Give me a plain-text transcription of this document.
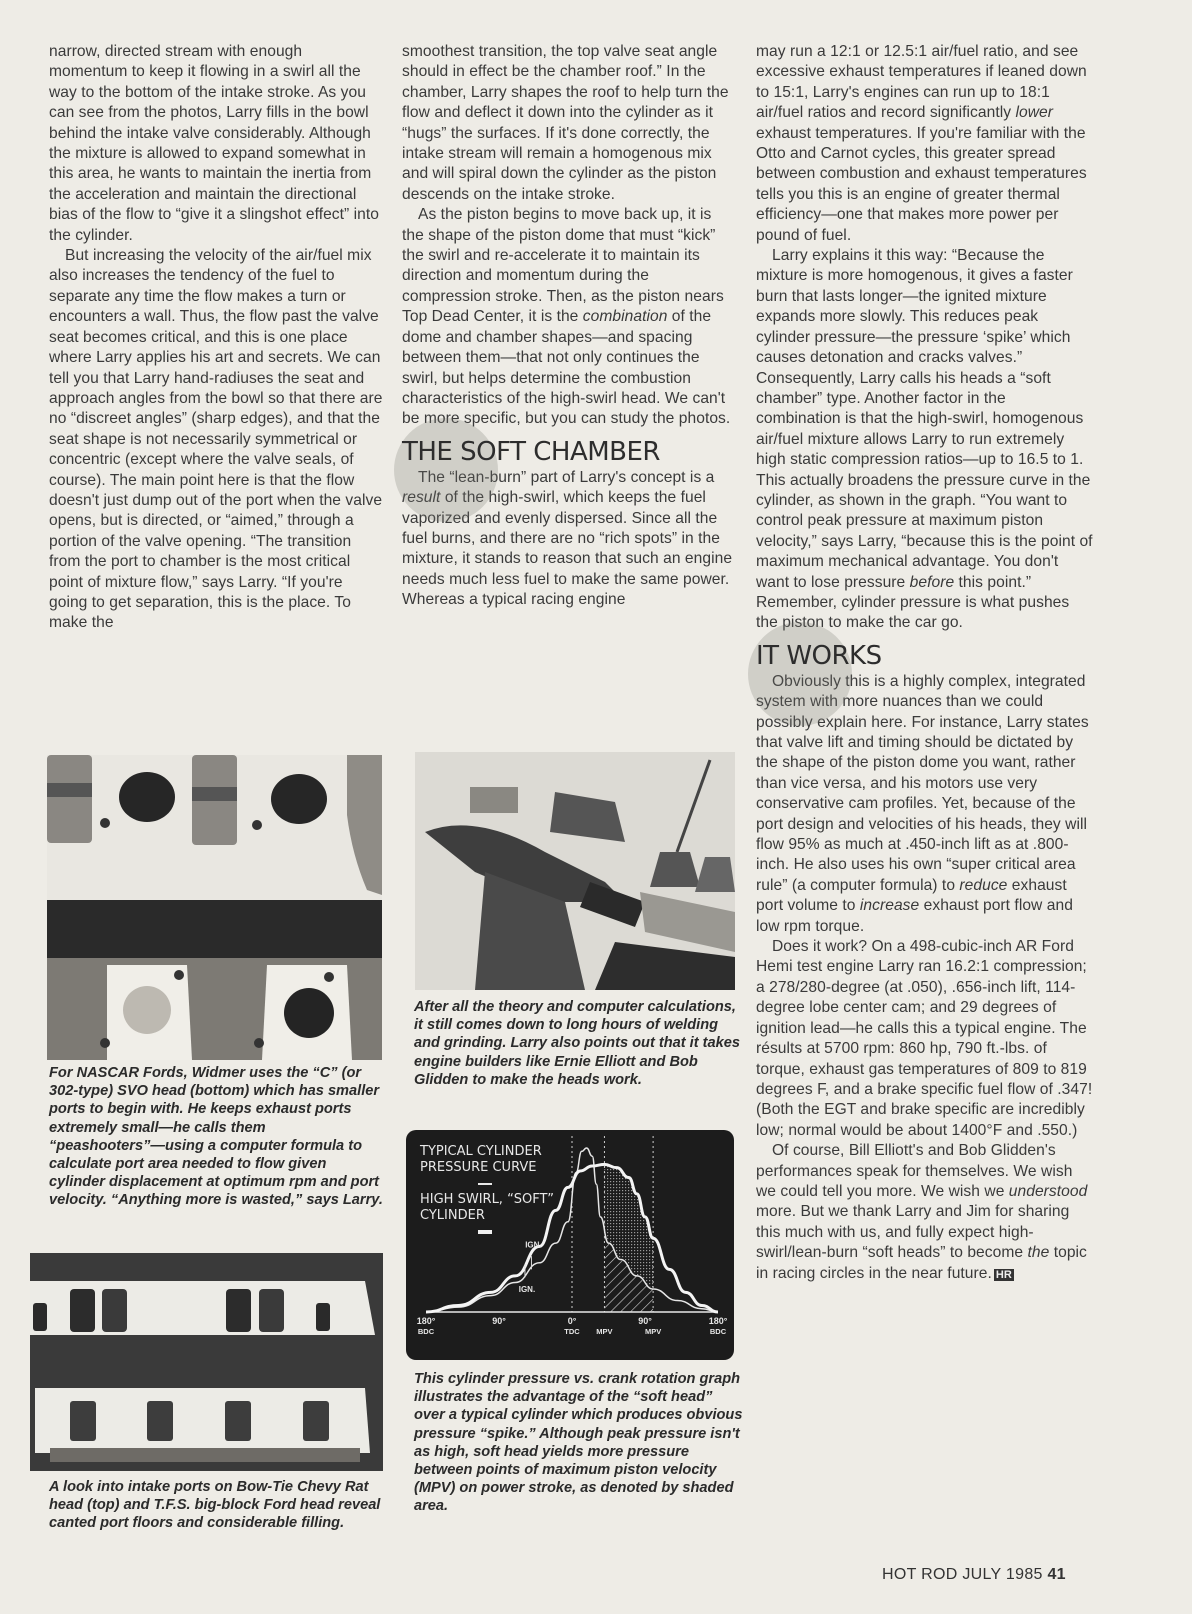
narrow, directed stream with enough momentum to keep it flowing in a swirl all the way to the bottom of the intake stroke. As you can see from the photos, Larry fills in the bowl behind the intake valve considerably. Although the mixture is allowed to expand somewhat in this area, he wants to maintain the inertia from the acceleration and maintain the directional bias of the flow to “give it a slingshot effect” into the cylinder.

But increasing the velocity of the air/fuel mix also increases the tendency of the fuel to separate any time the flow makes a turn or encounters a wall. Thus, the flow past the valve seat becomes critical, and this is one place where Larry applies his art and secrets. We can tell you that Larry hand-radiuses the seat and approach angles from the bowl so that there are no “discreet angles” (sharp edges), and that the seat shape is not necessarily symmetrical or concentric (except where the valve seals, of course). The main point here is that the flow doesn't just dump out of the port when the valve opens, but is directed, or “aimed,” through a portion of the valve opening. “The transition from the port to chamber is the most critical point of mixture flow,” says Larry. “If you're going to get separation, this is the place. To make the

smoothest transition, the top valve seat angle should in effect be the chamber roof.” In the chamber, Larry shapes the roof to help turn the flow and deflect it down into the cylinder as it “hugs” the surfaces. If it's done correctly, the intake stream will remain a homogenous mix and will spiral down the cylinder as the piston descends on the intake stroke.

As the piston begins to move back up, it is the shape of the piston dome that must “kick” the swirl and re-accelerate it to maintain its direction and momentum during the compression stroke. Then, as the piston nears Top Dead Center, it is the combination of the dome and chamber shapes—and spacing between them—that not only continues the swirl, but helps determine the combustion characteristics of the high-swirl head. We can't be more specific, but you can study the photos.

THE SOFT CHAMBER

The “lean-burn” part of Larry's concept is a result of the high-swirl, which keeps the fuel vaporized and evenly dispersed. Since all the fuel burns, and there are no “rich spots” in the mixture, it stands to reason that such an engine needs much less fuel to make the same power. Whereas a typical racing engine

may run a 12:1 or 12.5:1 air/fuel ratio, and see excessive exhaust temperatures if leaned down to 15:1, Larry's engines can run up to 18:1 air/fuel ratios and record significantly lower exhaust temperatures. If you're familiar with the Otto and Carnot cycles, this greater spread between combustion and exhaust temperatures tells you this is an engine of greater thermal efficiency—one that makes more power per pound of fuel.

Larry explains it this way: “Because the mixture is more homogenous, it gives a faster burn that lasts longer—the ignited mixture expands more slowly. This reduces peak cylinder pressure—the pressure ‘spike’ which causes detonation and cracks valves.” Consequently, Larry calls his heads a “soft chamber” type. Another factor in the combination is that the high-swirl, homogenous air/fuel mixture allows Larry to run extremely high static compression ratios—up to 16.5 to 1. This actually broadens the pressure curve in the cylinder, as shown in the graph. “You want to control peak pressure at maximum piston velocity,” says Larry, “because this is the point of maximum mechanical advantage. You don't want to lose pressure before this point.” Remember, cylinder pressure is what pushes the piston to make the car go.

IT WORKS

Obviously this is a highly complex, integrated system with more nuances than we could possibly explain here. For instance, Larry states that valve lift and timing should be dictated by the shape of the piston dome you want, rather than vice versa, and his motors use very conservative cam profiles. Yet, because of the port design and velocities of his heads, they will flow 95% as much at .450-inch lift as at .800-inch. He also uses his own “super critical area rule” (a computer formula) to reduce exhaust port volume to increase exhaust port flow and low rpm torque.

Does it work? On a 498-cubic-inch AR Ford Hemi test engine Larry ran 16.2:1 compression; a 278/280-degree (at .050), .656-inch lift, 114-degree lobe center cam; and 29 degrees of ignition lead—he calls this a typical engine. The résults at 5700 rpm: 860 hp, 790 ft.-lbs. of torque, exhaust gas temperatures of 809 to 819 degrees F, and a brake specific fuel flow of .347! (Both the EGT and brake specific are incredibly low; normal would be about 1400°F and .550.)

Of course, Bill Elliott's and Bob Glidden's performances speak for themselves. We wish we could tell you more. We wish we understood more. But we thank Larry and Jim for sharing this much with us, and fully expect high-swirl/lean-burn “soft heads” to become the topic in racing circles in the near future. HR

For NASCAR Fords, Widmer uses the “C” (or 302-type) SVO head (bottom) which has smaller ports to begin with. He keeps exhaust ports extremely small—he calls them “peashooters”—using a computer formula to calculate port area needed to flow given cylinder displacement at optimum rpm and port velocity. “Anything more is wasted,” says Larry.
A look into intake ports on Bow-Tie Chevy Rat head (top) and T.F.S. big-block Ford head reveal canted port floors and considerable filling.
After all the theory and computer calculations, it still comes down to long hours of welding and grinding. Larry also points out that it takes engine builders like Ernie Elliott and Bob Glidden to make the heads work.
180°
BDC
90°	0°
TDC MPV
90°
MPV
180°
BDC
IGN.
IGN.
TYPICAL CYLINDER PRESSURE CURVE
HIGH SWIRL, “SOFT” CYLINDER
This cylinder pressure vs. crank rotation graph illustrates the advantage of the “soft head” over a typical cylinder which produces obvious pressure “spike.” Although peak pressure isn't as high, soft head yields more pressure between points of maximum piston velocity (MPV) on power stroke, as denoted by shaded area.
HOT ROD JULY 1985 41
